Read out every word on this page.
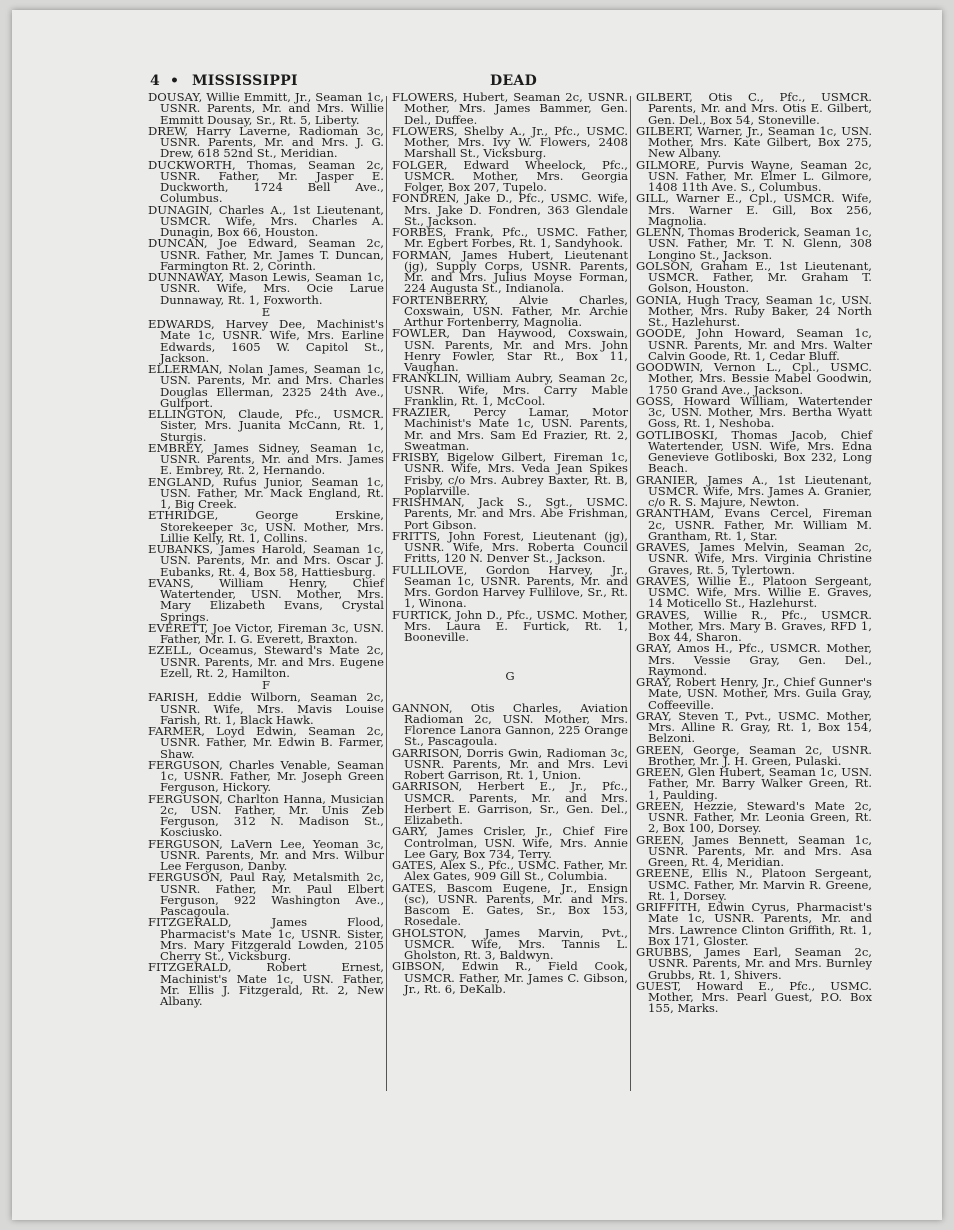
4 • MISSISSIPPI	DEAD
DOUSAY, Willie Emmitt, Jr., Seaman 1c, USNR. Parents, Mr. and Mrs. Willie Emmitt Dousay, Sr., Rt. 5, Liberty.
DREW, Harry Laverne, Radioman 3c, USNR. Parents, Mr. and Mrs. J. G. Drew, 618 52nd St., Meridian.
DUCKWORTH, Thomas, Seaman 2c, USNR. Father, Mr. Jasper E. Duckworth, 1724 Bell Ave., Columbus.
DUNAGIN, Charles A., 1st Lieutenant, USMCR. Wife, Mrs. Charles A. Dunagin, Box 66, Houston.
DUNCAN, Joe Edward, Seaman 2c, USNR. Father, Mr. James T. Duncan, Farmington Rt. 2, Corinth.
DUNNAWAY, Mason Lewis, Seaman 1c, USNR. Wife, Mrs. Ocie Larue Dunnaway, Rt. 1, Foxworth.
E
EDWARDS, Harvey Dee, Machinist's Mate 1c, USNR. Wife, Mrs. Earline Edwards, 1605 W. Capitol St., Jackson.
ELLERMAN, Nolan James, Seaman 1c, USN. Parents, Mr. and Mrs. Charles Douglas Ellerman, 2325 24th Ave., Gulfport.
ELLINGTON, Claude, Pfc., USMCR. Sister, Mrs. Juanita McCann, Rt. 1, Sturgis.
EMBREY, James Sidney, Seaman 1c, USNR. Parents, Mr. and Mrs. James E. Embrey, Rt. 2, Hernando.
ENGLAND, Rufus Junior, Seaman 1c, USN. Father, Mr. Mack England, Rt. 1, Big Creek.
ETHRIDGE, George Erskine, Storekeeper 3c, USN. Mother, Mrs. Lillie Kelly, Rt. 1, Collins.
EUBANKS, James Harold, Seaman 1c, USN. Parents, Mr. and Mrs. Oscar J. Eubanks, Rt. 4, Box 58, Hattiesburg.
EVANS, William Henry, Chief Watertender, USN. Mother, Mrs. Mary Elizabeth Evans, Crystal Springs.
EVERETT, Joe Victor, Fireman 3c, USN. Father, Mr. I. G. Everett, Braxton.
EZELL, Oceamus, Steward's Mate 2c, USNR. Parents, Mr. and Mrs. Eugene Ezell, Rt. 2, Hamilton.
F
FARISH, Eddie Wilborn, Seaman 2c, USNR. Wife, Mrs. Mavis Louise Farish, Rt. 1, Black Hawk.
FARMER, Loyd Edwin, Seaman 2c, USNR. Father, Mr. Edwin B. Farmer, Shaw.
FERGUSON, Charles Venable, Seaman 1c, USNR. Father, Mr. Joseph Green Ferguson, Hickory.
FERGUSON, Charlton Hanna, Musician 2c, USN. Father, Mr. Unis Zeb Ferguson, 312 N. Madison St., Kosciusko.
FERGUSON, LaVern Lee, Yeoman 3c, USNR. Parents, Mr. and Mrs. Wilbur Lee Ferguson, Danby.
FERGUSON, Paul Ray, Metalsmith 2c, USNR. Father, Mr. Paul Elbert Ferguson, 922 Washington Ave., Pascagoula.
FITZGERALD, James Flood, Pharmacist's Mate 1c, USNR. Sister, Mrs. Mary Fitzgerald Lowden, 2105 Cherry St., Vicksburg.
FITZGERALD, Robert Ernest, Machinist's Mate 1c, USN. Father, Mr. Ellis J. Fitzgerald, Rt. 2, New Albany.
FLOWERS, Hubert, Seaman 2c, USNR. Mother, Mrs. James Bammer, Gen. Del., Duffee.
FLOWERS, Shelby A., Jr., Pfc., USMC. Mother, Mrs. Ivy W. Flowers, 2408 Marshall St., Vicksburg.
FOLGER, Edward Wheelock, Pfc., USMCR. Mother, Mrs. Georgia Folger, Box 207, Tupelo.
FONDREN, Jake D., Pfc., USMC. Wife, Mrs. Jake D. Fondren, 363 Glendale St., Jackson.
FORBES, Frank, Pfc., USMC. Father, Mr. Egbert Forbes, Rt. 1, Sandyhook.
FORMAN, James Hubert, Lieutenant (jg), Supply Corps, USNR. Parents, Mr. and Mrs. Julius Moyse Forman, 224 Augusta St., Indianola.
FORTENBERRY, Alvie Charles, Coxswain, USN. Father, Mr. Archie Arthur Fortenberry, Magnolia.
FOWLER, Dan Haywood, Coxswain, USN. Parents, Mr. and Mrs. John Henry Fowler, Star Rt., Box 11, Vaughan.
FRANKLIN, William Aubry, Seaman 2c, USNR. Wife, Mrs. Carry Mable Franklin, Rt. 1, McCool.
FRAZIER, Percy Lamar, Motor Machinist's Mate 1c, USN. Parents, Mr. and Mrs. Sam Ed Frazier, Rt. 2, Sweatman.
FRISBY, Bigelow Gilbert, Fireman 1c, USNR. Wife, Mrs. Veda Jean Spikes Frisby, c/o Mrs. Aubrey Baxter, Rt. B, Poplarville.
FRISHMAN, Jack S., Sgt., USMC. Parents, Mr. and Mrs. Abe Frishman, Port Gibson.
FRITTS, John Forest, Lieutenant (jg), USNR. Wife, Mrs. Roberta Council Fritts, 120 N. Denver St., Jackson.
FULLILOVE, Gordon Harvey, Jr., Seaman 1c, USNR. Parents, Mr. and Mrs. Gordon Harvey Fullilove, Sr., Rt. 1, Winona.
FURTICK, John D., Pfc., USMC. Mother, Mrs. Laura E. Furtick, Rt. 1, Booneville.
G
GANNON, Otis Charles, Aviation Radioman 2c, USN. Mother, Mrs. Florence Lanora Gannon, 225 Orange St., Pascagoula.
GARRISON, Dorris Gwin, Radioman 3c, USNR. Parents, Mr. and Mrs. Levi Robert Garrison, Rt. 1, Union.
GARRISON, Herbert E., Jr., Pfc., USMCR. Parents, Mr. and Mrs. Herbert E. Garrison, Sr., Gen. Del., Elizabeth.
GARY, James Crisler, Jr., Chief Fire Controlman, USN. Wife, Mrs. Annie Lee Gary, Box 734, Terry.
GATES, Alex S., Pfc., USMC. Father, Mr. Alex Gates, 909 Gill St., Columbia.
GATES, Bascom Eugene, Jr., Ensign (sc), USNR. Parents, Mr. and Mrs. Bascom E. Gates, Sr., Box 153, Rosedale.
GHOLSTON, James Marvin, Pvt., USMCR. Wife, Mrs. Tannis L. Gholston, Rt. 3, Baldwyn.
GIBSON, Edwin R., Field Cook, USMCR. Father, Mr. James C. Gibson, Jr., Rt. 6, DeKalb.
GILBERT, Otis C., Pfc., USMCR. Parents, Mr. and Mrs. Otis E. Gilbert, Gen. Del., Box 54, Stoneville.
GILBERT, Warner, Jr., Seaman 1c, USN. Mother, Mrs. Kate Gilbert, Box 275, New Albany.
GILMORE, Purvis Wayne, Seaman 2c, USN. Father, Mr. Elmer L. Gilmore, 1408 11th Ave. S., Columbus.
GILL, Warner E., Cpl., USMCR. Wife, Mrs. Warner E. Gill, Box 256, Magnolia.
GLENN, Thomas Broderick, Seaman 1c, USN. Father, Mr. T. N. Glenn, 308 Longino St., Jackson.
GOLSON, Graham E., 1st Lieutenant, USMCR. Father, Mr. Graham T. Golson, Houston.
GONIA, Hugh Tracy, Seaman 1c, USN. Mother, Mrs. Ruby Baker, 24 North St., Hazlehurst.
GOODE, John Howard, Seaman 1c, USNR. Parents, Mr. and Mrs. Walter Calvin Goode, Rt. 1, Cedar Bluff.
GOODWIN, Vernon L., Cpl., USMC. Mother, Mrs. Bessie Mabel Goodwin, 1750 Grand Ave., Jackson.
GOSS, Howard William, Watertender 3c, USN. Mother, Mrs. Bertha Wyatt Goss, Rt. 1, Neshoba.
GOTLIBOSKI, Thomas Jacob, Chief Watertender, USN. Wife, Mrs. Edna Genevieve Gotliboski, Box 232, Long Beach.
GRANIER, James A., 1st Lieutenant, USMCR. Wife, Mrs. James A. Granier, c/o R. S. Majure, Newton.
GRANTHAM, Evans Cercel, Fireman 2c, USNR. Father, Mr. William M. Grantham, Rt. 1, Star.
GRAVES, James Melvin, Seaman 2c, USNR. Wife, Mrs. Virginia Christine Graves, Rt. 5, Tylertown.
GRAVES, Willie E., Platoon Sergeant, USMC. Wife, Mrs. Willie E. Graves, 14 Moticello St., Hazlehurst.
GRAVES, Willie R., Pfc., USMCR. Mother, Mrs. Mary B. Graves, RFD 1, Box 44, Sharon.
GRAY, Amos H., Pfc., USMCR. Mother, Mrs. Vessie Gray, Gen. Del., Raymond.
GRAY, Robert Henry, Jr., Chief Gunner's Mate, USN. Mother, Mrs. Guila Gray, Coffeeville.
GRAY, Steven T., Pvt., USMC. Mother, Mrs. Alline R. Gray, Rt. 1, Box 154, Belzoni.
GREEN, George, Seaman 2c, USNR. Brother, Mr. J. H. Green, Pulaski.
GREEN, Glen Hubert, Seaman 1c, USN. Father, Mr. Barry Walker Green, Rt. 1, Paulding.
GREEN, Hezzie, Steward's Mate 2c, USNR. Father, Mr. Leonia Green, Rt. 2, Box 100, Dorsey.
GREEN, James Bennett, Seaman 1c, USNR. Parents, Mr. and Mrs. Asa Green, Rt. 4, Meridian.
GREENE, Ellis N., Platoon Sergeant, USMC. Father, Mr. Marvin R. Greene, Rt. 1, Dorsey.
GRIFFITH, Edwin Cyrus, Pharmacist's Mate 1c, USNR. Parents, Mr. and Mrs. Lawrence Clinton Griffith, Rt. 1, Box 171, Gloster.
GRUBBS, James Earl, Seaman 2c, USNR. Parents, Mr. and Mrs. Burnley Grubbs, Rt. 1, Shivers.
GUEST, Howard E., Pfc., USMC. Mother, Mrs. Pearl Guest, P.O. Box 155, Marks.
